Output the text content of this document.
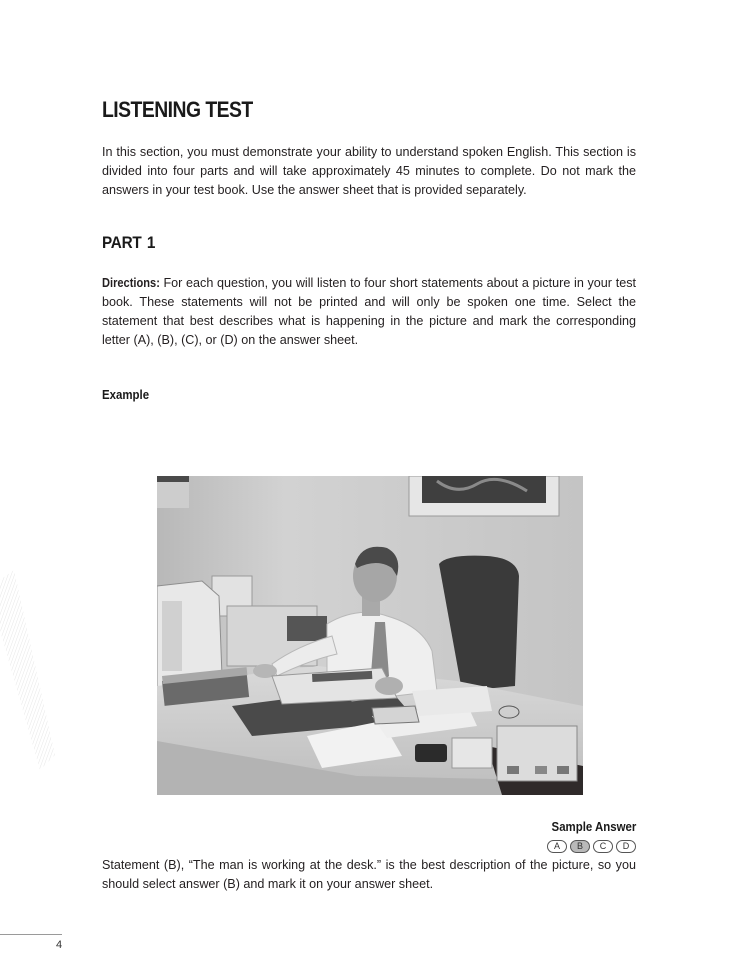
LISTENING TEST

In this section, you must demonstrate your ability to understand spoken English. This section is divided into four parts and will take approximately 45 minutes to complete. Do not mark the answers in your test book. Use the answer sheet that is provided separately.

PART 1

Directions: For each question, you will listen to four short statements about a picture in your test book. These statements will not be printed and will only be spoken one time. Select the statement that best describes what is happening in the picture and mark the corresponding letter (A), (B), (C), or (D) on the answer sheet.

Example
Sample Answer
A	B	C	D

Statement (B), “The man is working at the desk.” is the best description of the picture, so you should select answer (B) and mark it on your answer sheet.

4
